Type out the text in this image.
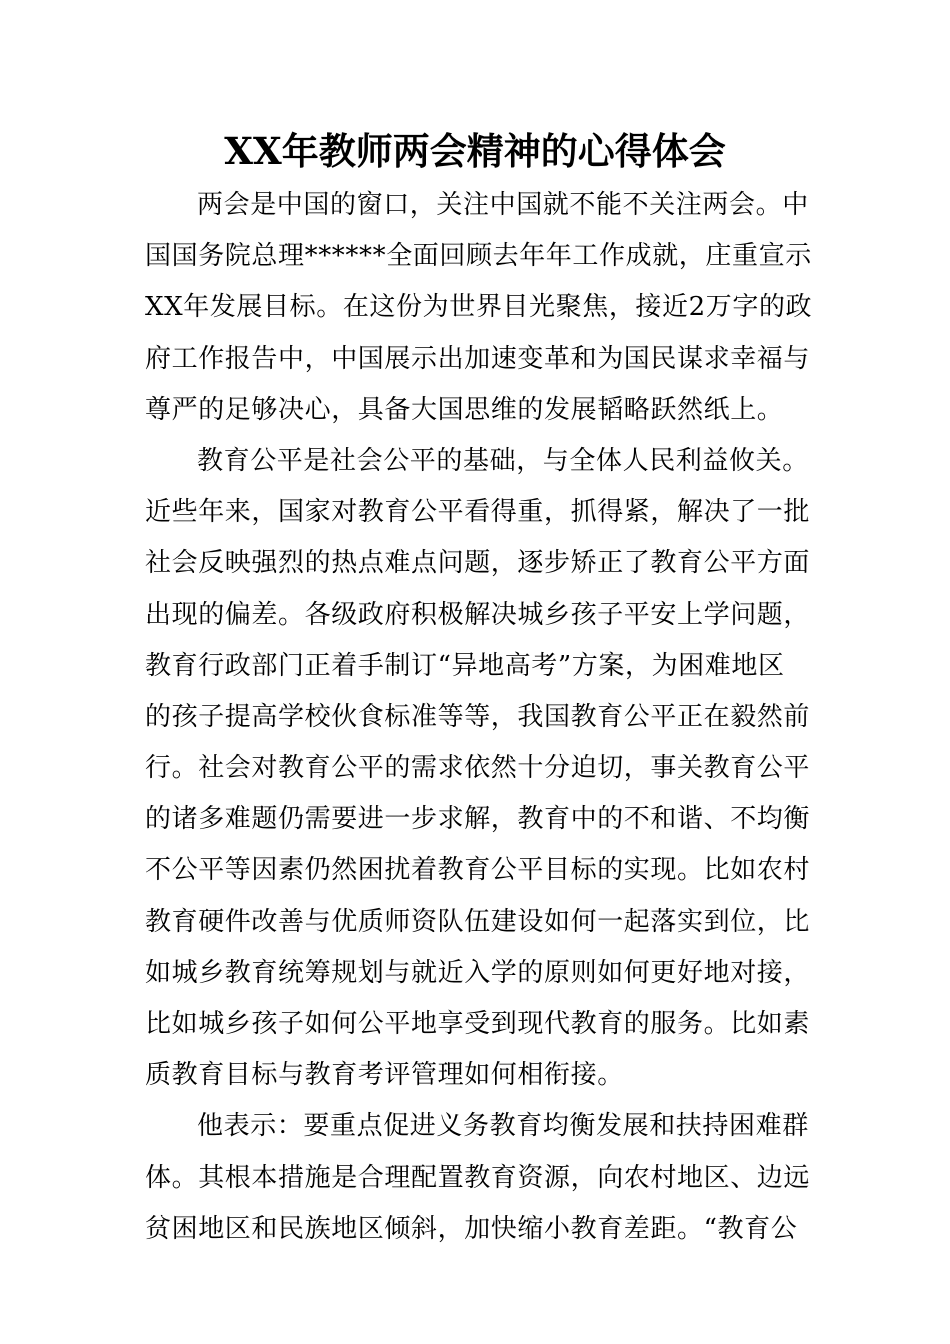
XX年教师两会精神的心得体会
两会是中国的窗口，关注中国就不能不关注两会。中
国国务院总理******全面回顾去年年工作成就，庄重宣示
XX年发展目标。在这份为世界目光聚焦，接近2万字的政
府工作报告中，中国展示出加速变革和为国民谋求幸福与
尊严的足够决心，具备大国思维的发展韬略跃然纸上。
教育公平是社会公平的基础，与全体人民利益攸关。
近些年来，国家对教育公平看得重，抓得紧，解决了一批
社会反映强烈的热点难点问题，逐步矫正了教育公平方面
出现的偏差。各级政府积极解决城乡孩子平安上学问题，
教育行政部门正着手制订“异地高考”方案，为困难地区
的孩子提高学校伙食标准等等，我国教育公平正在毅然前
行。社会对教育公平的需求依然十分迫切，事关教育公平
的诸多难题仍需要进一步求解，教育中的不和谐、不均衡
不公平等因素仍然困扰着教育公平目标的实现。比如农村
教育硬件改善与优质师资队伍建设如何一起落实到位，比
如城乡教育统筹规划与就近入学的原则如何更好地对接，
比如城乡孩子如何公平地享受到现代教育的服务。比如素
质教育目标与教育考评管理如何相衔接。
他表示：要重点促进义务教育均衡发展和扶持困难群
体。其根本措施是合理配置教育资源，向农村地区、边远
贫困地区和民族地区倾斜，加快缩小教育差距。“教育公
